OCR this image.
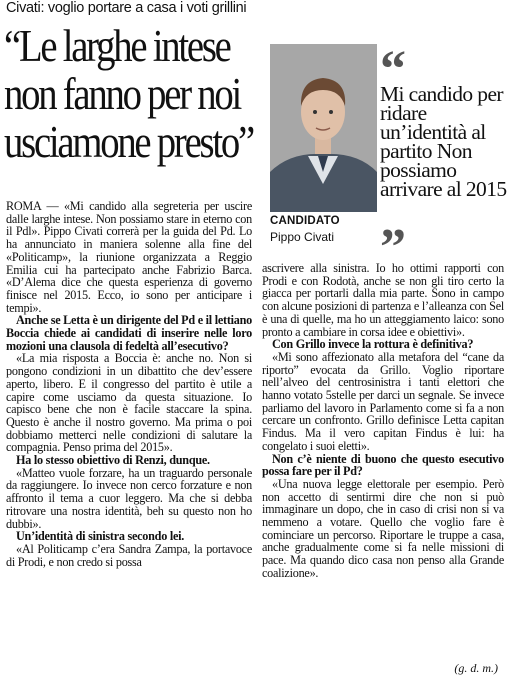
Civati: voglio portare a casa i voti grillini
“Le larghe intese
non fanno per noi
usciamone presto”
“
Mi candido per ridare un’identità al partito Non possiamo arrivare al 2015
”
CANDIDATO
Pippo Civati

ROMA — «Mi candido alla segreteria per uscire dalle larghe intese. Non possiamo stare in eterno con il Pdl». Pippo Civati correrà per la guida del Pd. Lo ha annunciato in maniera solenne alla fine del «Politicamp», la riunione organizzata a Reggio Emilia cui ha partecipato anche Fabrizio Barca. «D’Alema dice che questa esperienza di governo finisce nel 2015. Ecco, io sono per anticipare i tempi».

Anche se Letta è un dirigente del Pd e il lettiano Boccia chiede ai candidati di inserire nelle loro mozioni una clausola di fedeltà all’esecutivo?

«La mia risposta a Boccia è: anche no. Non si pongono condizioni in un dibattito che dev’essere aperto, libero. E il congresso del partito è utile a capire come usciamo da questa situazione. Io capisco bene che non è facile staccare la spina. Questo è anche il nostro governo. Ma prima o poi dobbiamo metterci nelle condizioni di salutare la compagnia. Penso prima del 2015».

Ha lo stesso obiettivo di Renzi, dunque.

«Matteo vuole forzare, ha un traguardo personale da raggiungere. Io invece non cerco forzature e non affronto il tema a cuor leggero. Ma che si debba ritrovare una nostra identità, beh su questo non ho dubbi».

Un’identità di sinistra secondo lei.

«Al Politicamp c’era Sandra Zampa, la portavoce di Prodi, e non credo si possa

ascrivere alla sinistra. Io ho ottimi rapporti con Prodi e con Rodotà, anche se non gli tiro certo la giacca per portarli dalla mia parte. Sono in campo con alcune posizioni di partenza e l’alleanza con Sel è una di quelle, ma ho un atteggiamento laico: sono pronto a cambiare in corsa idee e obiettivi».

Con Grillo invece la rottura è definitiva?

«Mi sono affezionato alla metafora del “cane da riporto” evocata da Grillo. Voglio riportare nell’alveo del centrosinistra i tanti elettori che hanno votato 5stelle per darci un segnale. Se invece parliamo del lavoro in Parlamento come si fa a non cercare un confronto. Grillo definisce Letta capitan Findus. Ma il vero capitan Findus è lui: ha congelato i suoi eletti».

Non c’è niente di buono che questo esecutivo possa fare per il Pd?

«Una nuova legge elettorale per esempio. Però non accetto di sentirmi dire che non si può immaginare un dopo, che in caso di crisi non si va nemmeno a votare. Quello che voglio fare è cominciare un percorso. Riportare le truppe a casa, anche gradualmente come si fa nelle missioni di pace. Ma quando dico casa non penso alla Grande coalizione».

(g. d. m.)
